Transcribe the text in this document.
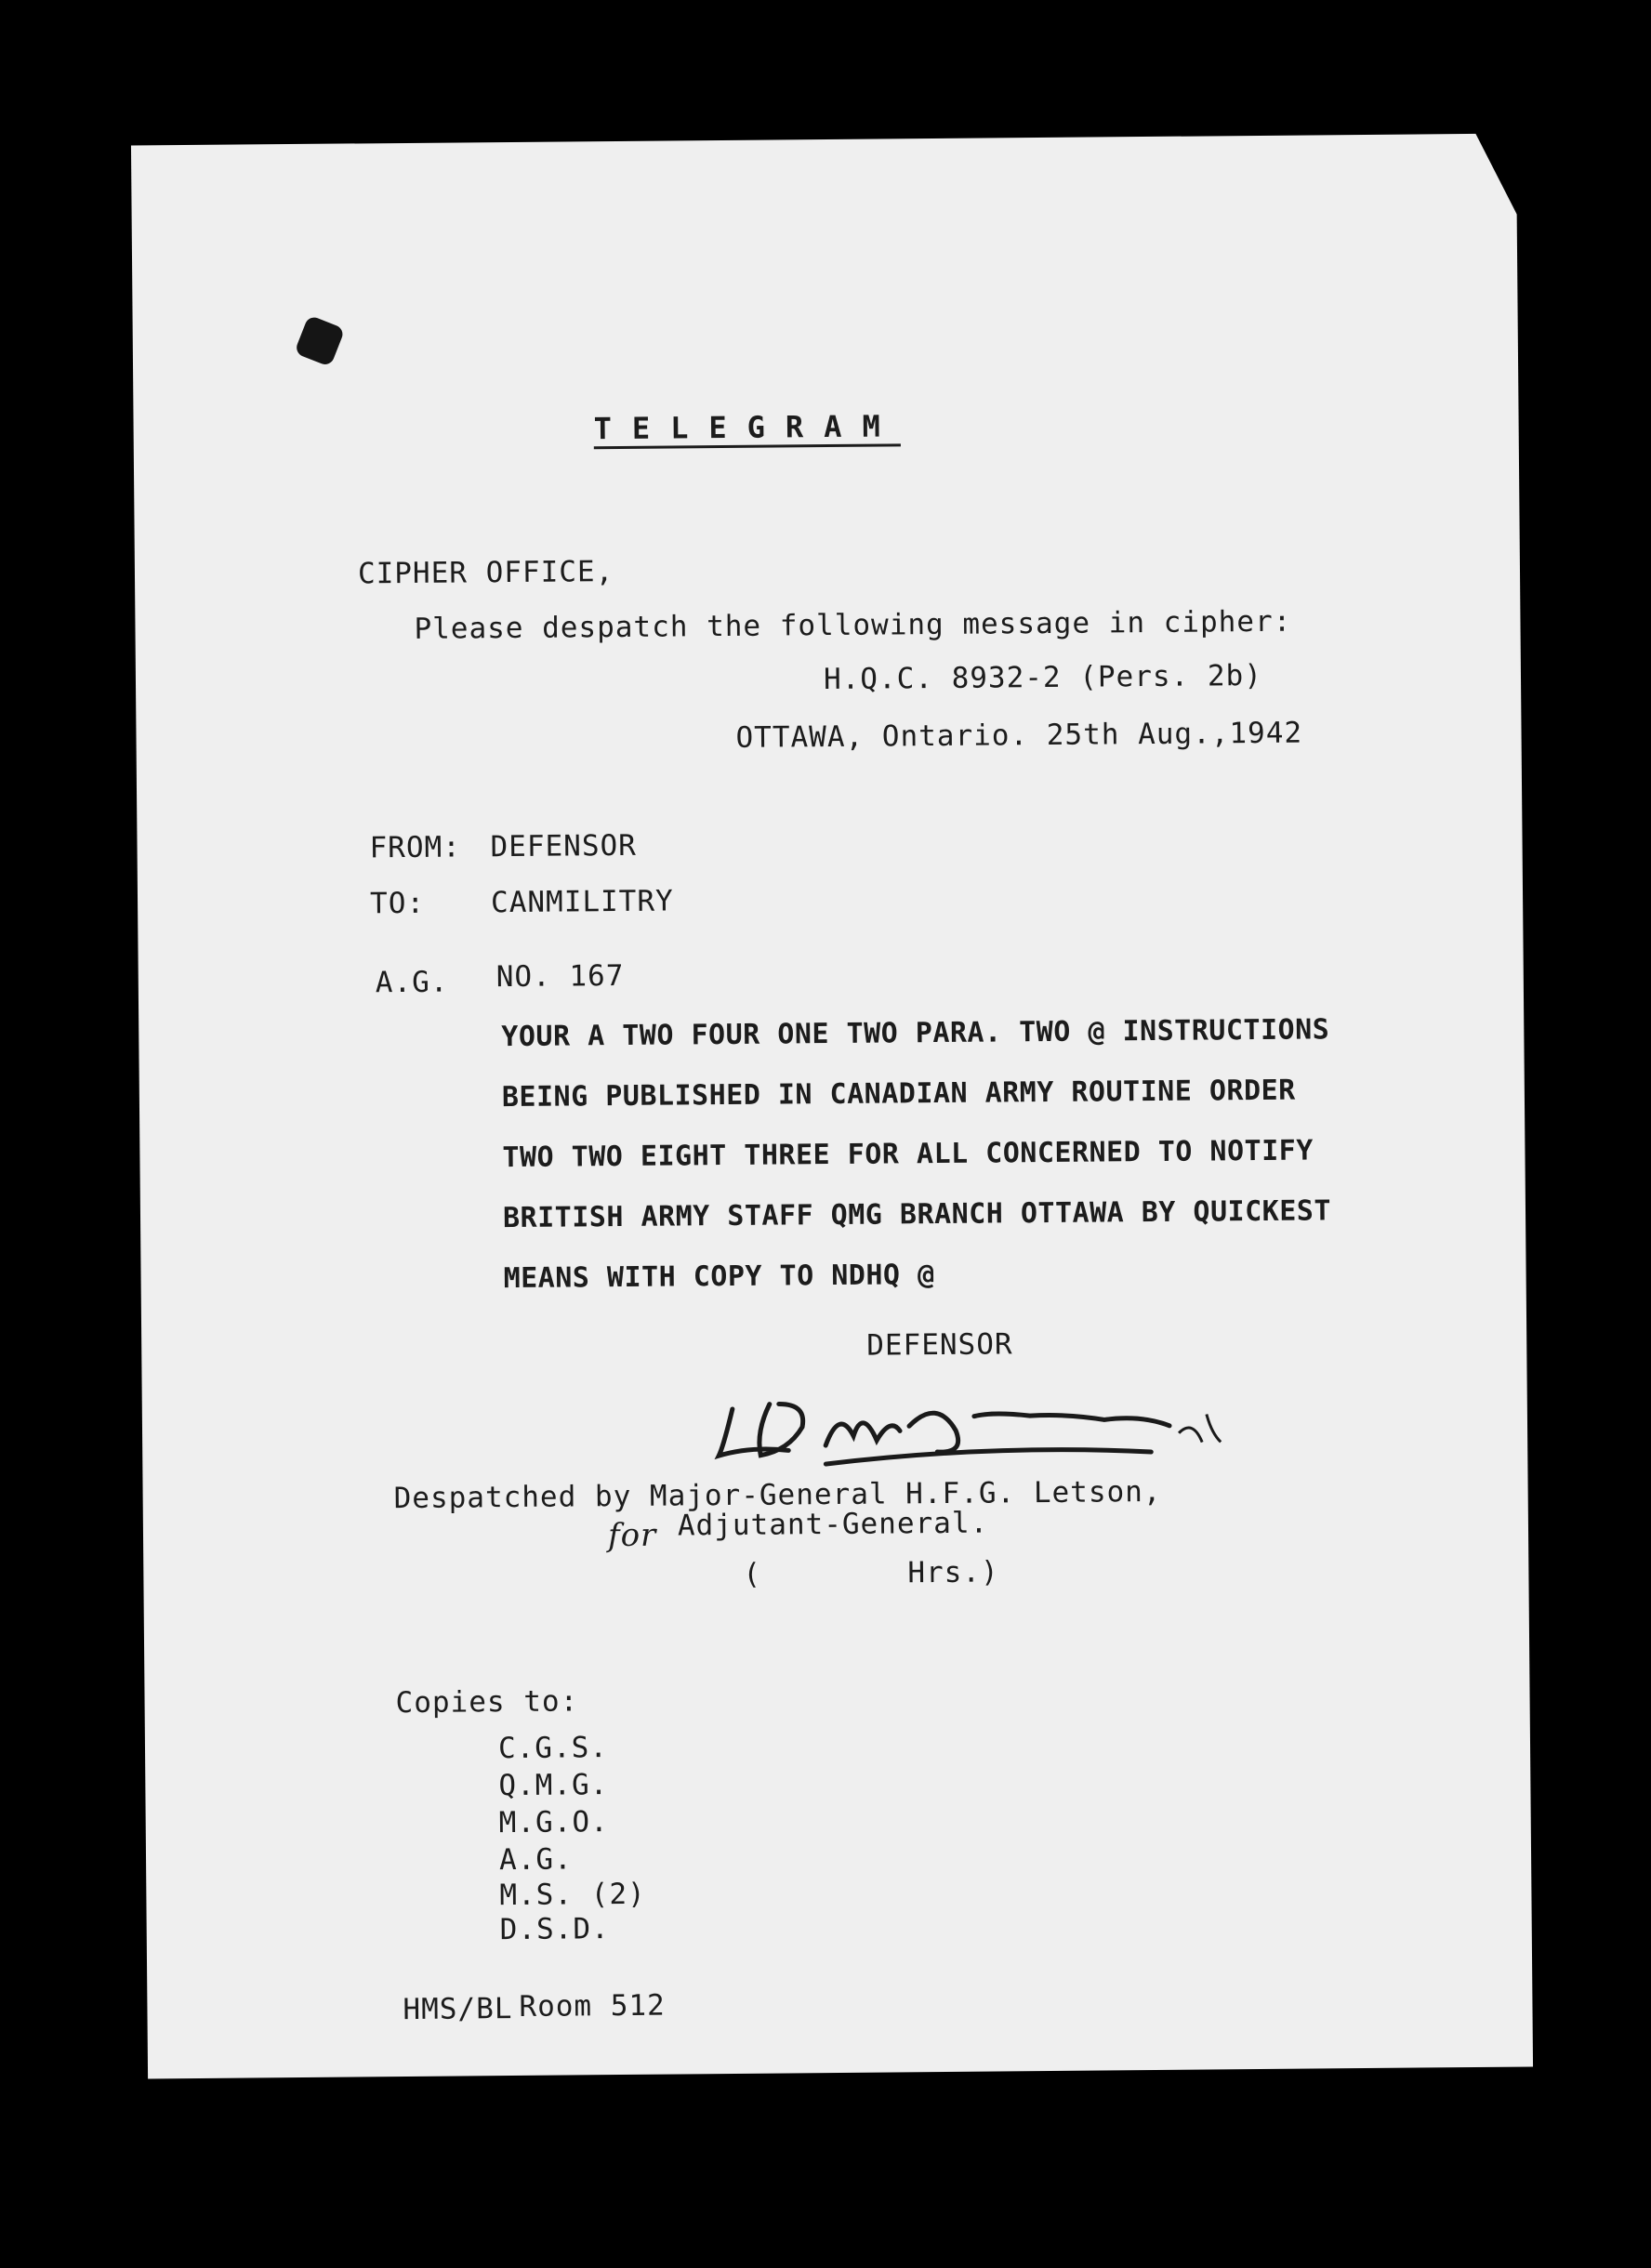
TELEGRAM
CIPHER OFFICE,
Please despatch the following message in cipher:
H.Q.C. 8932-2 (Pers. 2b)
OTTAWA, Ontario. 25th Aug.,1942
FROM: DEFENSOR
TO: CANMILITRY
A.G. NO. 167
YOUR A TWO FOUR ONE TWO PARA. TWO @ INSTRUCTIONS
BEING PUBLISHED IN CANADIAN ARMY ROUTINE ORDER
TWO TWO EIGHT THREE FOR ALL CONCERNED TO NOTIFY
BRITISH ARMY STAFF QMG BRANCH OTTAWA BY QUICKEST
MEANS WITH COPY TO NDHQ @
DEFENSOR
Despatched by Major-General H.F.G. Letson,
for Adjutant-General.
(        Hrs.)
Copies to:
C.G.S.
Q.M.G.
M.G.O.
A.G.
M.S. (2)
D.S.D.
HMS/BL Room 512
